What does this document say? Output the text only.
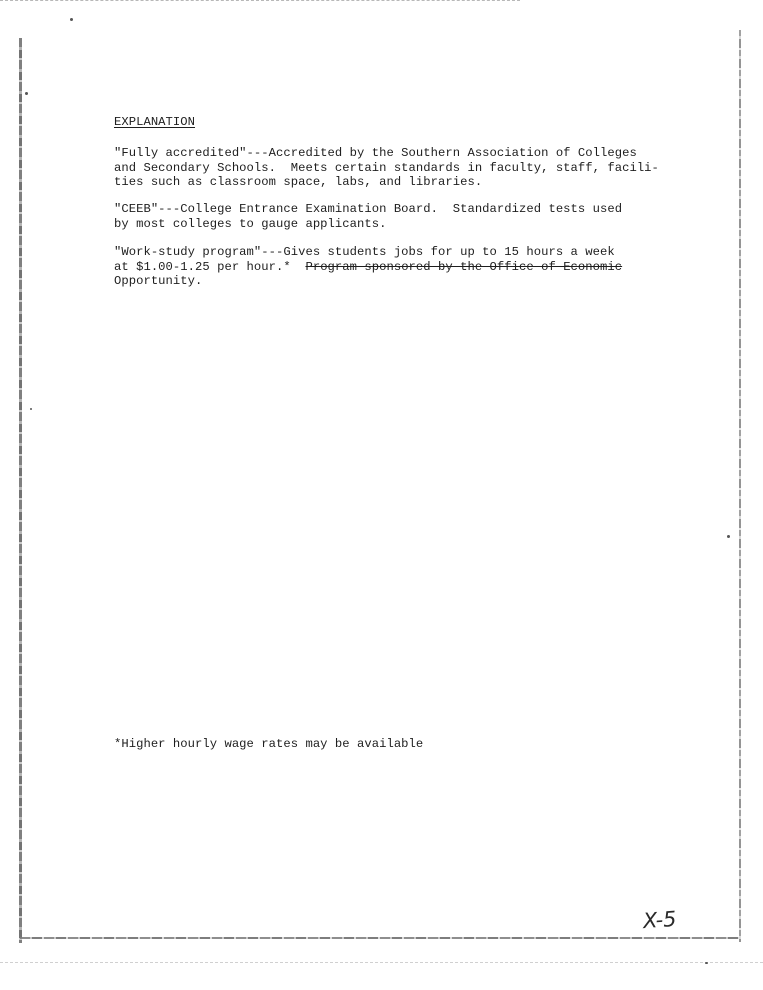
EXPLANATION
"Fully accredited"---Accredited by the Southern Association of Colleges
and Secondary Schools.  Meets certain standards in faculty, staff, facili-
ties such as classroom space, labs, and libraries.
"CEEB"---College Entrance Examination Board.  Standardized tests used
by most colleges to gauge applicants.
"Work-study program"---Gives students jobs for up to 15 hours a week
at $1.00-1.25 per hour.* Program sponsored by the Office of Economic
Opportunity.
*Higher hourly wage rates may be available
X-5
